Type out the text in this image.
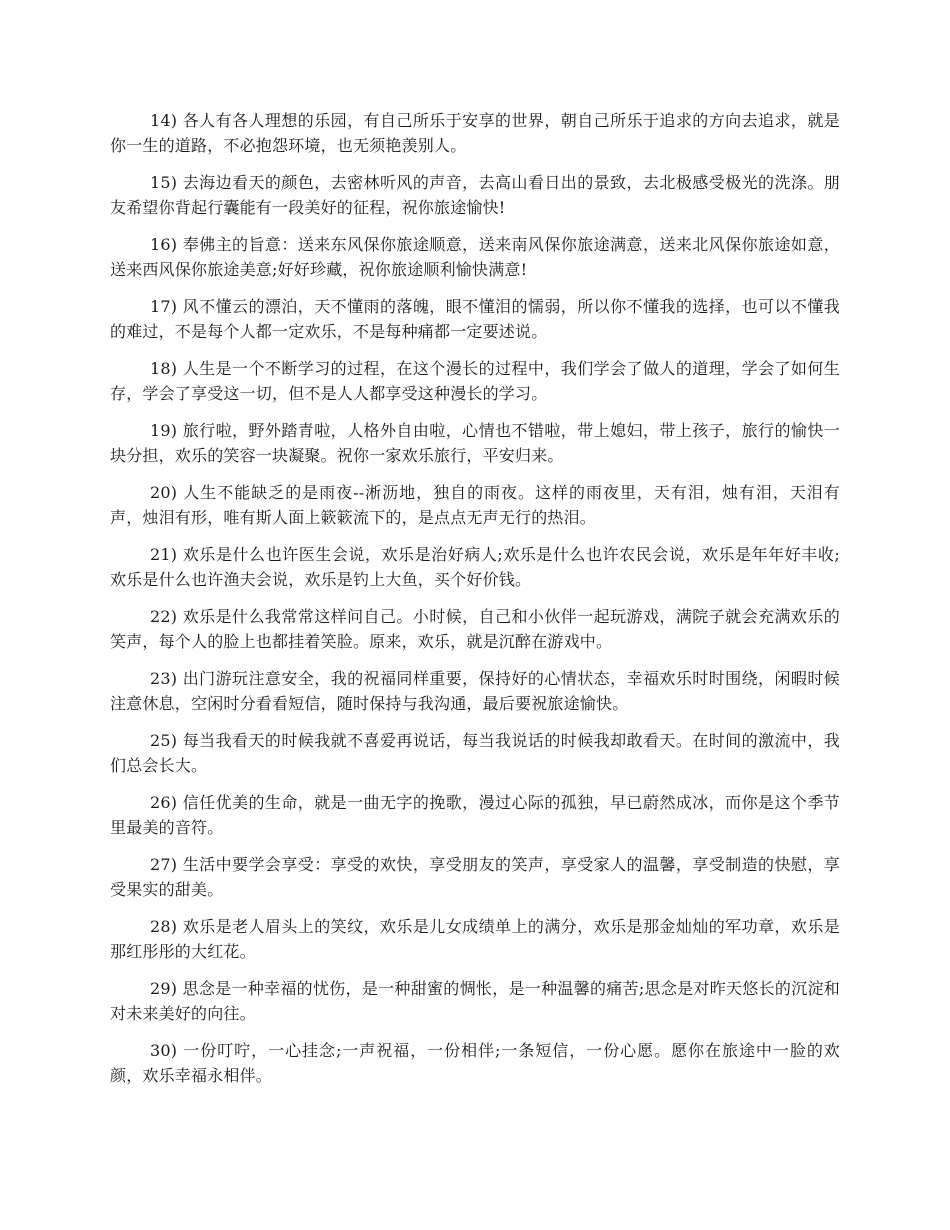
14) 各人有各人理想的乐园，有自己所乐于安享的世界，朝自己所乐于追求的方向去追求，就是你一生的道路，不必抱怨环境，也无须艳羡别人。

15) 去海边看天的颜色，去密林听风的声音，去高山看日出的景致，去北极感受极光的洗涤。朋友希望你背起行囊能有一段美好的征程，祝你旅途愉快!

16) 奉佛主的旨意：送来东风保你旅途顺意，送来南风保你旅途满意，送来北风保你旅途如意，送来西风保你旅途美意;好好珍藏，祝你旅途顺利愉快满意!

17) 风不懂云的漂泊，天不懂雨的落魄，眼不懂泪的懦弱，所以你不懂我的选择，也可以不懂我的难过，不是每个人都一定欢乐，不是每种痛都一定要述说。

18) 人生是一个不断学习的过程，在这个漫长的过程中，我们学会了做人的道理，学会了如何生存，学会了享受这一切，但不是人人都享受这种漫长的学习。

19) 旅行啦，野外踏青啦，人格外自由啦，心情也不错啦，带上媳妇，带上孩子，旅行的愉快一块分担，欢乐的笑容一块凝聚。祝你一家欢乐旅行，平安归来。

20) 人生不能缺乏的是雨夜--淅沥地，独自的雨夜。这样的雨夜里，天有泪，烛有泪，天泪有声，烛泪有形，唯有斯人面上簌簌流下的，是点点无声无行的热泪。

21) 欢乐是什么也许医生会说，欢乐是治好病人;欢乐是什么也许农民会说，欢乐是年年好丰收;欢乐是什么也许渔夫会说，欢乐是钓上大鱼，买个好价钱。

22) 欢乐是什么我常常这样问自己。小时候，自己和小伙伴一起玩游戏，满院子就会充满欢乐的笑声，每个人的脸上也都挂着笑脸。原来，欢乐，就是沉醉在游戏中。

23) 出门游玩注意安全，我的祝福同样重要，保持好的心情状态，幸福欢乐时时围绕，闲暇时候注意休息，空闲时分看看短信，随时保持与我沟通，最后要祝旅途愉快。

25) 每当我看天的时候我就不喜爱再说话，每当我说话的时候我却敢看天。在时间的激流中，我们总会长大。

26) 信任优美的生命，就是一曲无字的挽歌，漫过心际的孤独，早已蔚然成冰，而你是这个季节里最美的音符。

27) 生活中要学会享受：享受的欢快，享受朋友的笑声，享受家人的温馨，享受制造的快慰，享受果实的甜美。

28) 欢乐是老人眉头上的笑纹，欢乐是儿女成绩单上的满分，欢乐是那金灿灿的军功章，欢乐是那红彤彤的大红花。

29) 思念是一种幸福的忧伤，是一种甜蜜的惆怅，是一种温馨的痛苦;思念是对昨天悠长的沉淀和对未来美好的向往。

30) 一份叮咛，一心挂念;一声祝福，一份相伴;一条短信，一份心愿。愿你在旅途中一脸的欢颜，欢乐幸福永相伴。
